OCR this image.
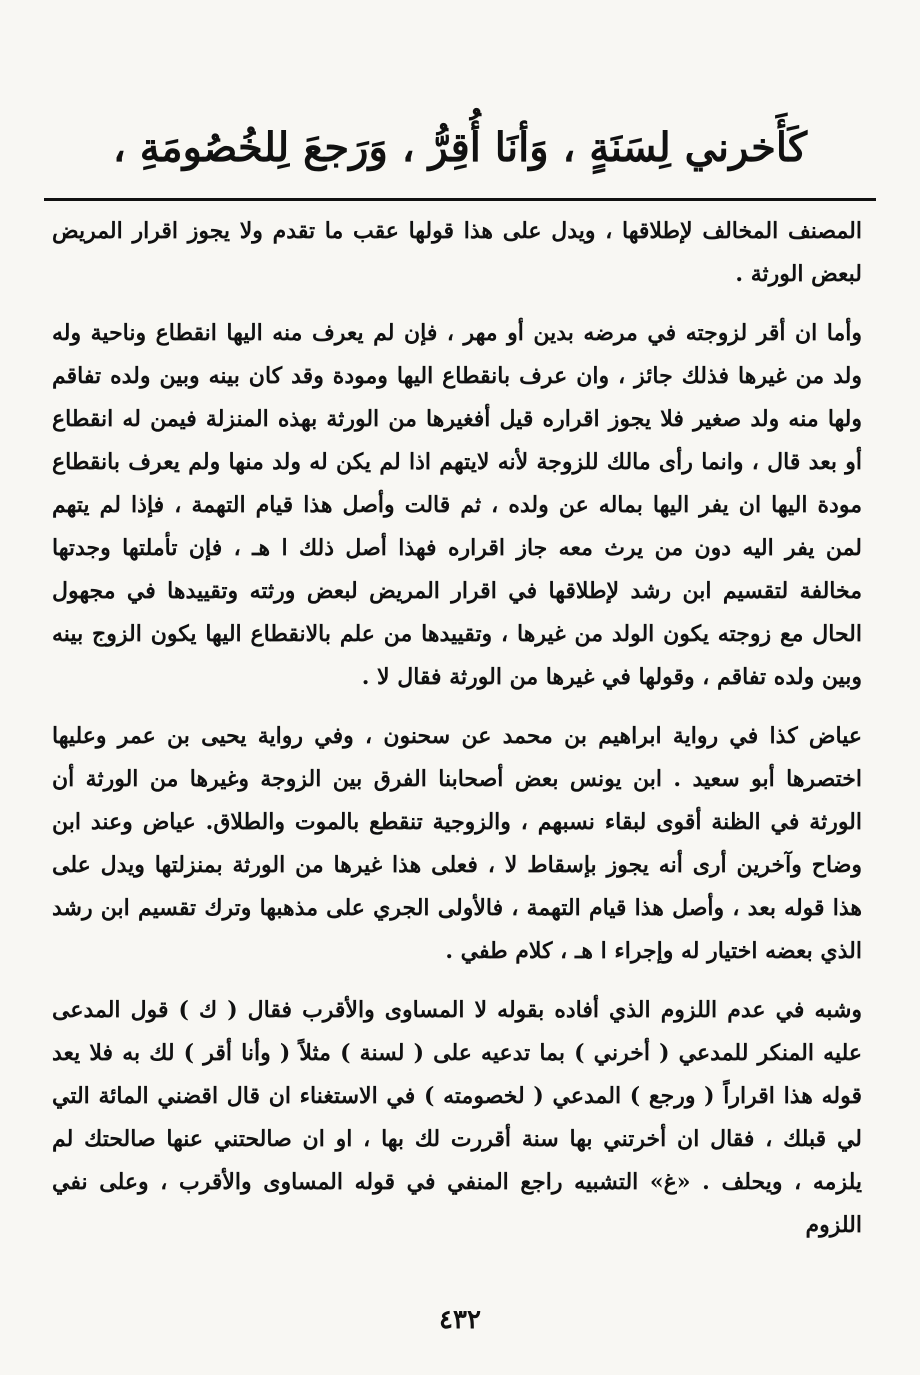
كَأَخرني لِسَنَةٍ ، وَأنَا أُقِرُّ ، وَرَجعَ لِلخُصُومَةِ ،

المصنف المخالف لإطلاقها ، ويدل على هذا قولها عقب ما تقدم ولا يجوز اقرار المريض لبعض الورثة .

وأما ان أقر لزوجته في مرضه بدين أو مهر ، فإن لم يعرف منه اليها انقطاع وناحية وله ولد من غيرها فذلك جائز ، وان عرف بانقطاع اليها ومودة وقد كان بينه وبين ولده تفاقم ولها منه ولد صغير فلا يجوز اقراره قيل أفغيرها من الورثة بهذه المنزلة فيمن له انقطاع أو بعد قال ، وانما رأى مالك للزوجة لأنه لايتهم اذا لم يكن له ولد منها ولم يعرف بانقطاع مودة اليها ان يفر اليها بماله عن ولده ، ثم قالت وأصل هذا قيام التهمة ، فإذا لم يتهم لمن يفر اليه دون من يرث معه جاز اقراره فهذا أصل ذلك ا هـ ، فإن تأملتها وجدتها مخالفة لتقسيم ابن رشد لإطلاقها في اقرار المريض لبعض ورثته وتقييدها في مجهول الحال مع زوجته يكون الولد من غيرها ، وتقييدها من علم بالانقطاع اليها يكون الزوج بينه وبين ولده تفاقم ، وقولها في غيرها من الورثة فقال لا .

عياض كذا في رواية ابراهيم بن محمد عن سحنون ، وفي رواية يحيى بن عمر وعليها اختصرها أبو سعيد . ابن يونس بعض أصحابنا الفرق بين الزوجة وغيرها من الورثة أن الورثة في الظنة أقوى لبقاء نسبهم ، والزوجية تنقطع بالموت والطلاق. عياض وعند ابن وضاح وآخرين أرى أنه يجوز بإسقاط لا ، فعلى هذا غيرها من الورثة بمنزلتها ويدل على هذا قوله بعد ، وأصل هذا قيام التهمة ، فالأولى الجري على مذهبها وترك تقسيم ابن رشد الذي بعضه اختيار له وإجراء ا هـ ، كلام طفي .

وشبه في عدم اللزوم الذي أفاده بقوله لا المساوى والأقرب فقال ( ك ) قول المدعى عليه المنكر للمدعي ( أخرني ) بما تدعيه على ( لسنة ) مثلاً ( وأنا أقر ) لك به فلا يعد قوله هذا اقراراً ( ورجع ) المدعي ( لخصومته ) في الاستغناء ان قال اقضني المائة التي لي قبلك ، فقال ان أخرتني بها سنة أقررت لك بها ، او ان صالحتني عنها صالحتك لم يلزمه ، ويحلف . «غ» التشبيه راجع المنفي في قوله المساوى والأقرب ، وعلى نفي اللزوم

٤٣٢
